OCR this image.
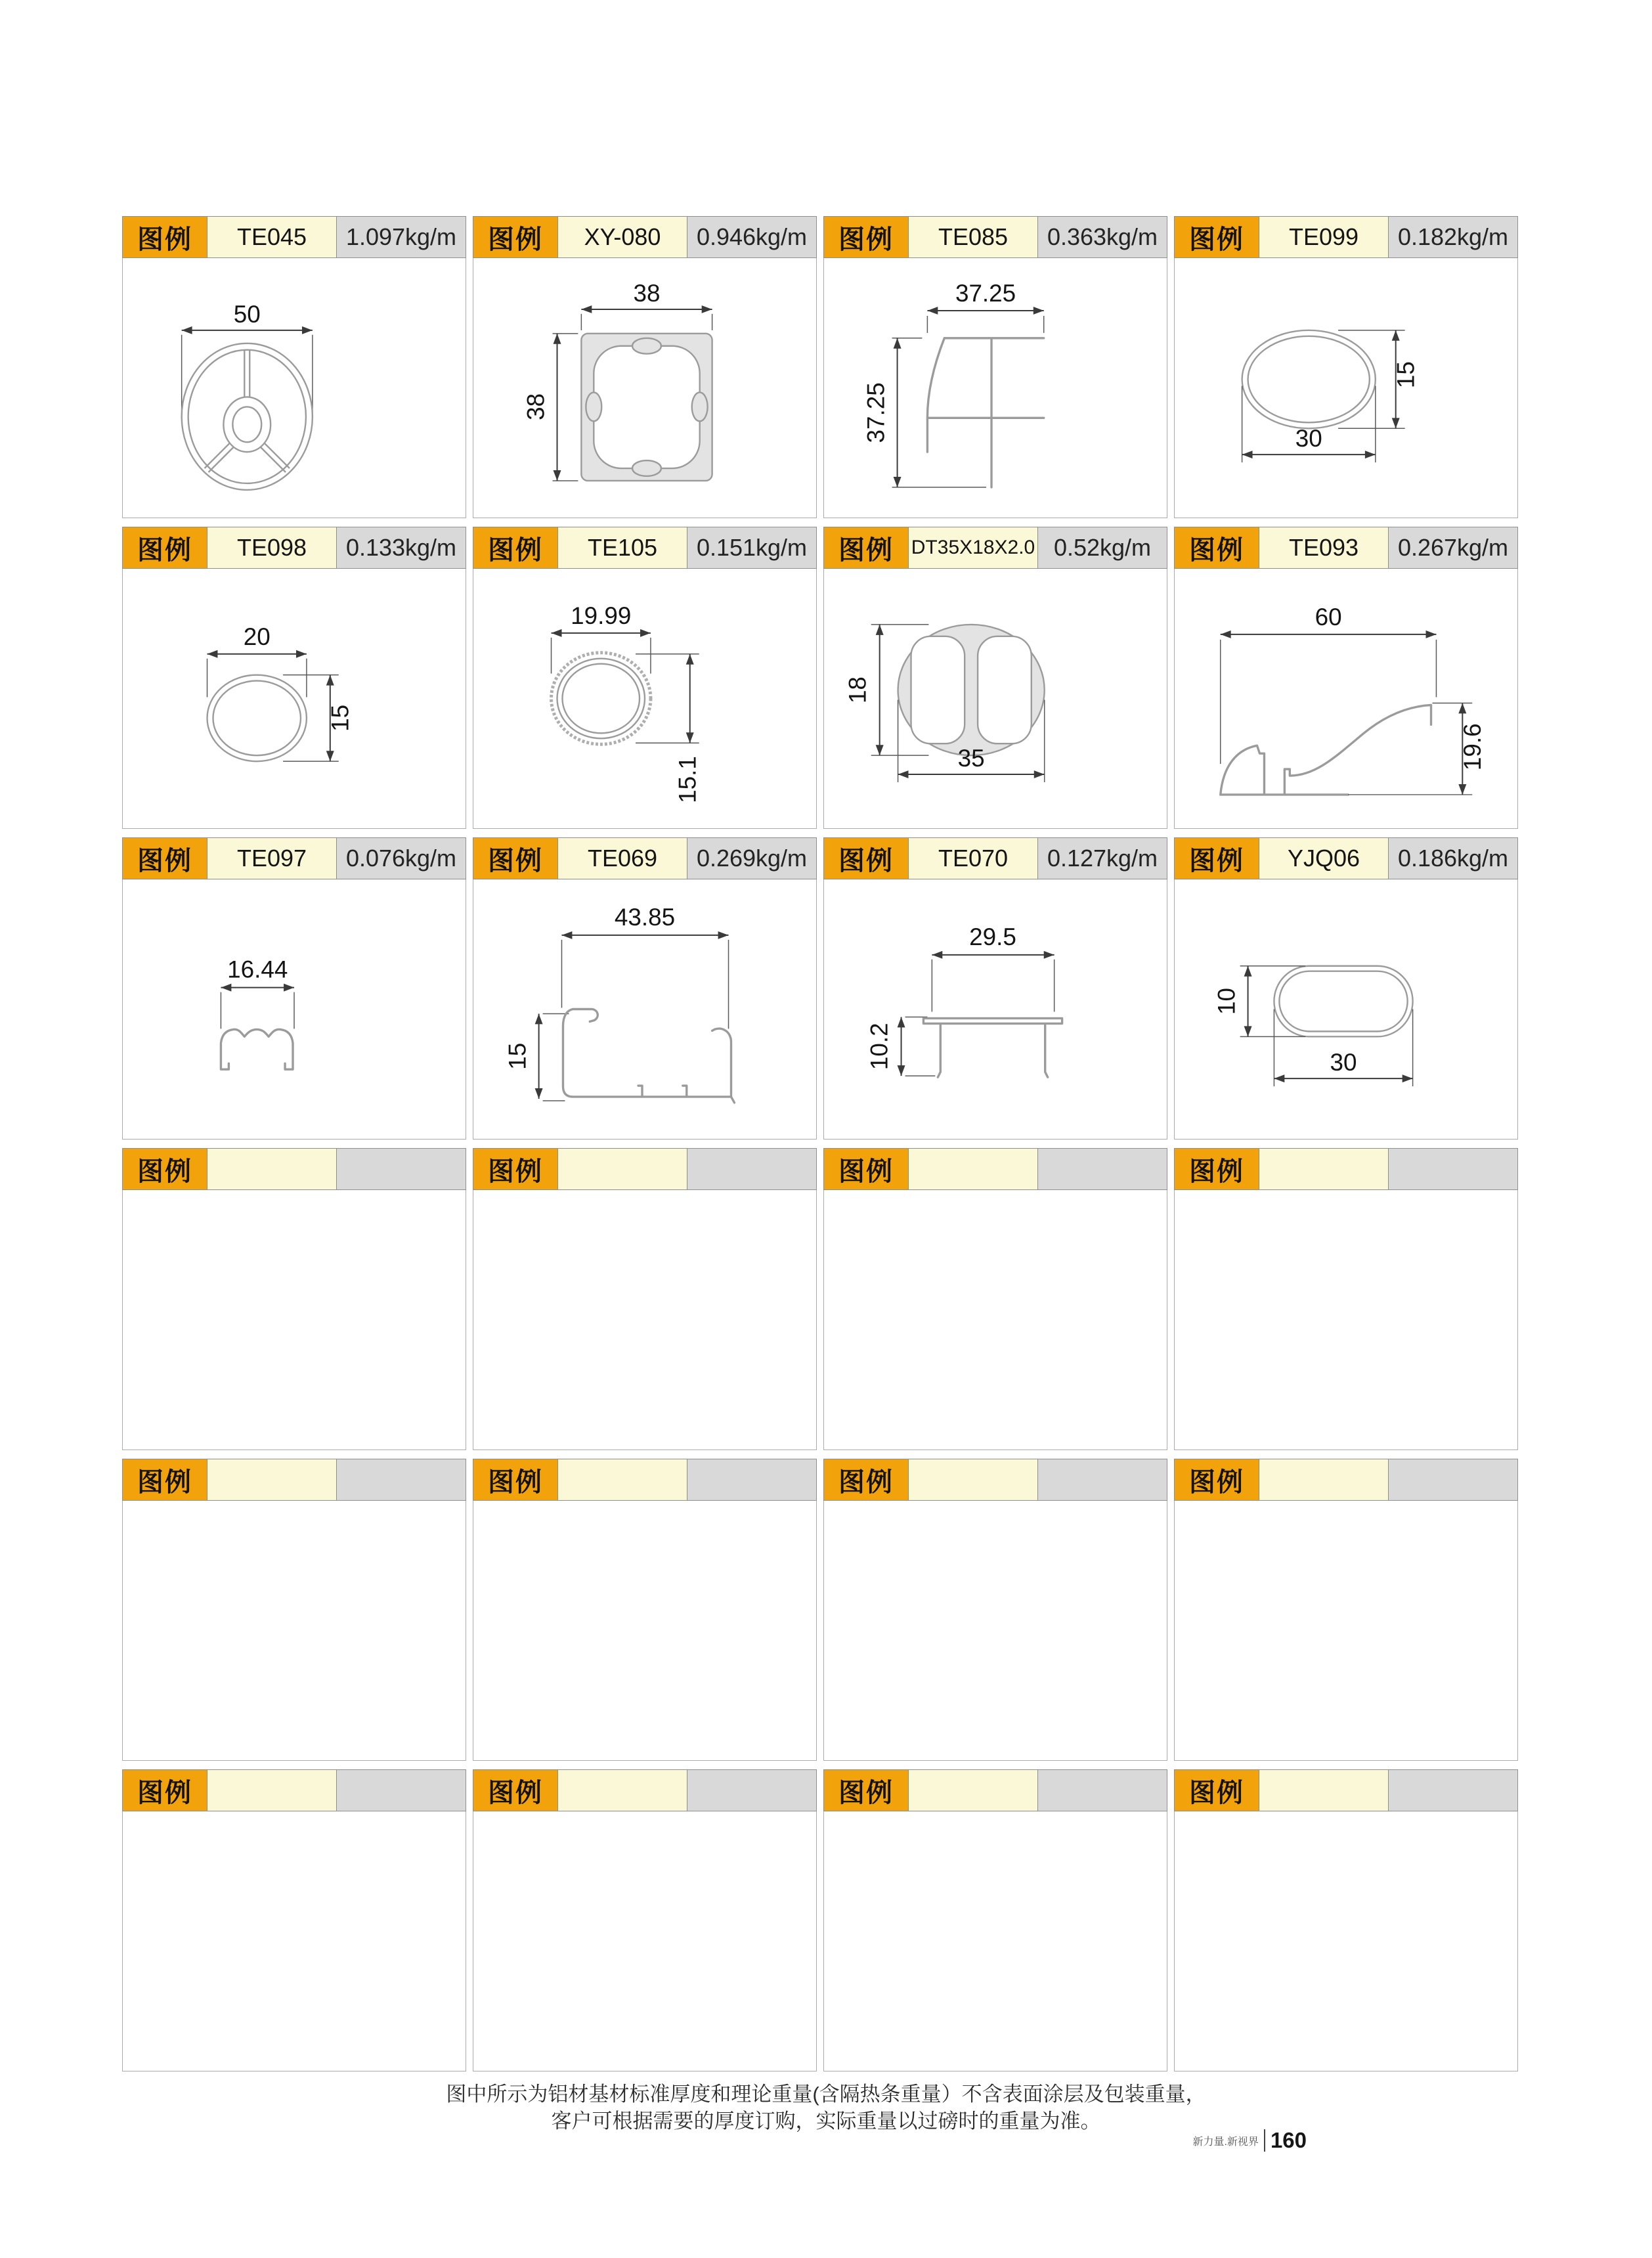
图例	TE045	1.097kg/m
50
图例	XY-080	0.946kg/m
38
38
图例	TE085	0.363kg/m
37.25
37.25
图例	TE099	0.182kg/m
15
30
图例	TE098	0.133kg/m
20
15
图例	TE105	0.151kg/m
19.99
15.1
图例 DT35X18X2.0 0.52kg/m
18
35
图例	TE093	0.267kg/m
60
19.6
图例	TE097	0.076kg/m
16.44
图例	TE069	0.269kg/m
43.85
15
图例	TE070	0.127kg/m
29.5
10.2
图例	YJQ06	0.186kg/m
10
30
图例	图例	图例	图例
图例	图例	图例	图例
图例	图例	图例	图例
图中所示为铝材基材标准厚度和理论重量(含隔热条重量）不含表面涂层及包装重量，
客户可根据需要的厚度订购，实际重量以过磅时的重量为准。
新力量.新视界 160
